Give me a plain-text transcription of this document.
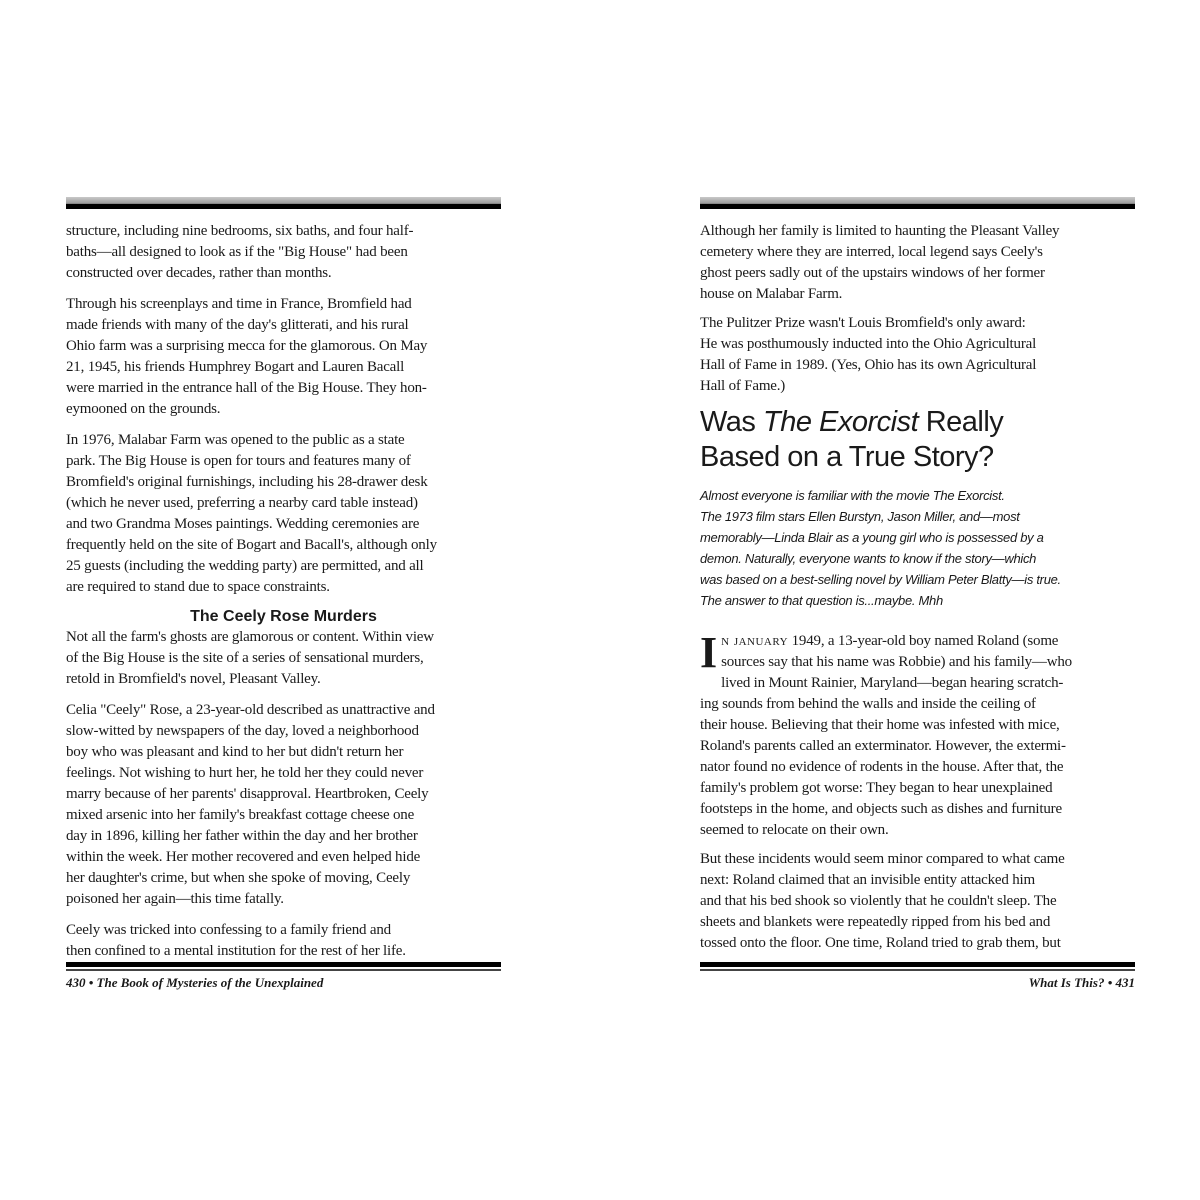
structure, including nine bedrooms, six baths, and four half-
baths—all designed to look as if the "Big House" had been
constructed over decades, rather than months.
Through his screenplays and time in France, Bromfield had
made friends with many of the day's glitterati, and his rural
Ohio farm was a surprising mecca for the glamorous. On May
21, 1945, his friends Humphrey Bogart and Lauren Bacall
were married in the entrance hall of the Big House. They hon-
eymooned on the grounds.
In 1976, Malabar Farm was opened to the public as a state
park. The Big House is open for tours and features many of
Bromfield's original furnishings, including his 28-drawer desk
(which he never used, preferring a nearby card table instead)
and two Grandma Moses paintings. Wedding ceremonies are
frequently held on the site of Bogart and Bacall's, although only
25 guests (including the wedding party) are permitted, and all
are required to stand due to space constraints.
The Ceely Rose Murders
Not all the farm's ghosts are glamorous or content. Within view
of the Big House is the site of a series of sensational murders,
retold in Bromfield's novel, Pleasant Valley.
Celia "Ceely" Rose, a 23-year-old described as unattractive and
slow-witted by newspapers of the day, loved a neighborhood
boy who was pleasant and kind to her but didn't return her
feelings. Not wishing to hurt her, he told her they could never
marry because of her parents' disapproval. Heartbroken, Ceely
mixed arsenic into her family's breakfast cottage cheese one
day in 1896, killing her father within the day and her brother
within the week. Her mother recovered and even helped hide
her daughter's crime, but when she spoke of moving, Ceely
poisoned her again—this time fatally.
Ceely was tricked into confessing to a family friend and
then confined to a mental institution for the rest of her life.
430 • The Book of Mysteries of the Unexplained
Although her family is limited to haunting the Pleasant Valley
cemetery where they are interred, local legend says Ceely's
ghost peers sadly out of the upstairs windows of her former
house on Malabar Farm.
The Pulitzer Prize wasn't Louis Bromfield's only award:
He was posthumously inducted into the Ohio Agricultural
Hall of Fame in 1989. (Yes, Ohio has its own Agricultural
Hall of Fame.)
Was The Exorcist Really
Based on a True Story?
Almost everyone is familiar with the movie The Exorcist.
The 1973 film stars Ellen Burstyn, Jason Miller, and—most
memorably—Linda Blair as a young girl who is possessed by a
demon. Naturally, everyone wants to know if the story—which
was based on a best-selling novel by William Peter Blatty—is true.
The answer to that question is...maybe. Mhh
I n january 1949, a 13-year-old boy named Roland (some
sources say that his name was Robbie) and his family—who
lived in Mount Rainier, Maryland—began hearing scratch-
ing sounds from behind the walls and inside the ceiling of
their house. Believing that their home was infested with mice,
Roland's parents called an exterminator. However, the extermi-
nator found no evidence of rodents in the house. After that, the
family's problem got worse: They began to hear unexplained
footsteps in the home, and objects such as dishes and furniture
seemed to relocate on their own.
But these incidents would seem minor compared to what came
next: Roland claimed that an invisible entity attacked him
and that his bed shook so violently that he couldn't sleep. The
sheets and blankets were repeatedly ripped from his bed and
tossed onto the floor. One time, Roland tried to grab them, but
What Is This? • 431
